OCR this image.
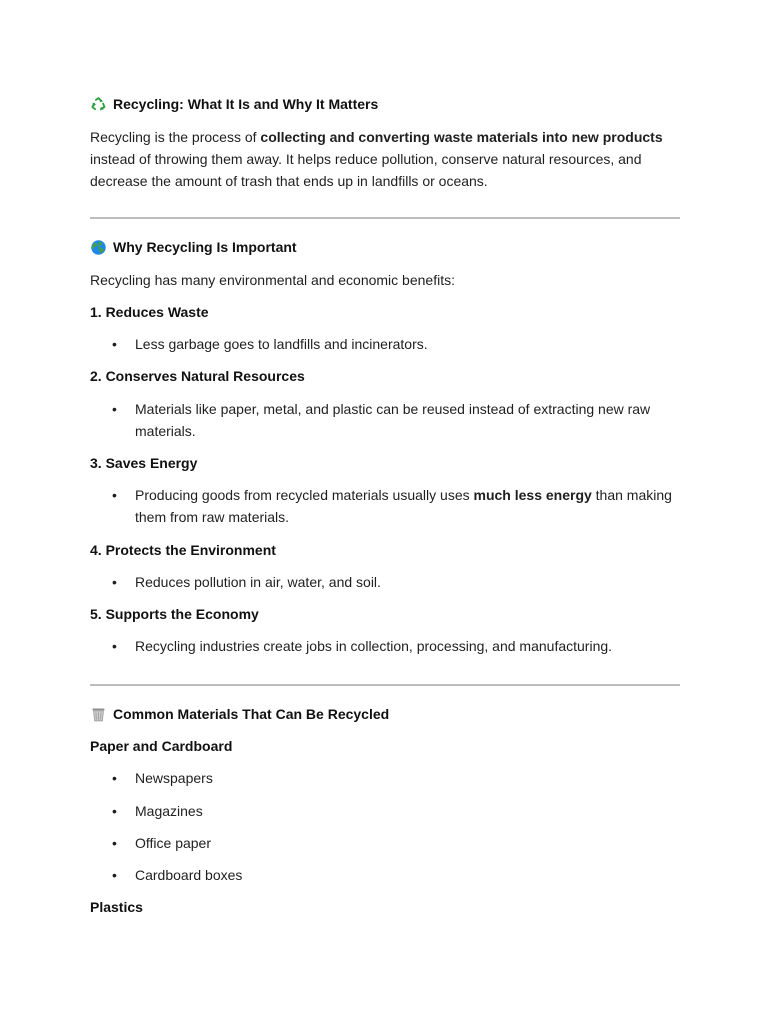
Recycling: What It Is and Why It Matters

Recycling is the process of collecting and converting waste materials into new products instead of throwing them away. It helps reduce pollution, conserve natural resources, and decrease the amount of trash that ends up in landfills or oceans.

Why Recycling Is Important

Recycling has many environmental and economic benefits:

1. Reduces Waste

• Less garbage goes to landfills and incinerators.

2. Conserves Natural Resources

• Materials like paper, metal, and plastic can be reused instead of extracting new raw materials.

3. Saves Energy

• Producing goods from recycled materials usually uses much less energy than making them from raw materials.

4. Protects the Environment

• Reduces pollution in air, water, and soil.

5. Supports the Economy

• Recycling industries create jobs in collection, processing, and manufacturing.
Common Materials That Can Be Recycled

Paper and Cardboard

• Newspapers
• Magazines
• Office paper
• Cardboard boxes

Plastics
